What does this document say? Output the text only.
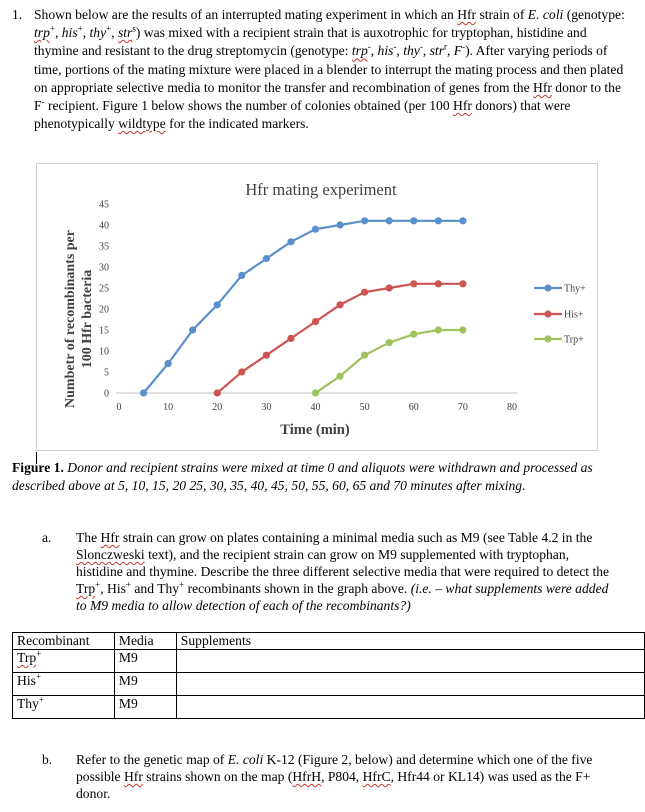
1. Shown below are the results of an interrupted mating experiment in which an Hfr strain of E. coli (genotype: trp+, his+, thy+, str$^s$) was mixed with a recipient strain that is auxotrophic for tryptophan, histidine and thymine and resistant to the drug streptomycin (genotype: trp-, his-, thy-, str$^r$, F-). After varying periods of time, portions of the mating mixture were placed in a blender to interrupt the mating process and then plated on appropriate selective media to monitor the transfer and recombination of genes from the Hfr donor to the F- recipient. Figure 1 below shows the number of colonies obtained (per 100 Hfr donors) that were phenotypically wildtype for the indicated markers.

Hfr mating experiment
Numbetr of recombinants per 100 Hfr bacteria
Time (min)
0
5
10
15
20
25
30
35
40
45
0	10	20	30	40	50	60	70	80
Thy+
His+
Trp+

Figure 1. Donor and recipient strains were mixed at time 0 and aliquots were withdrawn and processed as described above at 5, 10, 15, 20 25, 30, 35, 40, 45, 50, 55, 60, 65 and 70 minutes after mixing.

a. The Hfr strain can grow on plates containing a minimal media such as M9 (see Table 4.2 in the Slonczweski text), and the recipient strain can grow on M9 supplemented with tryptophan, histidine and thymine. Describe the three different selective media that were required to detect the Trp+, His+ and Thy+ recombinants shown in the graph above. (i.e. – what supplements were added to M9 media to allow detection of each of the recombinants?)
Recombinant	Media	Supplements
Trp+	M9	
His+	M9	
Thy+	M9	
b. Refer to the genetic map of E. coli K-12 (Figure 2, below) and determine which one of the five possible Hfr strains shown on the map (HfrH, P804, HfrC, Hfr44 or KL14) was used as the F+ donor.
